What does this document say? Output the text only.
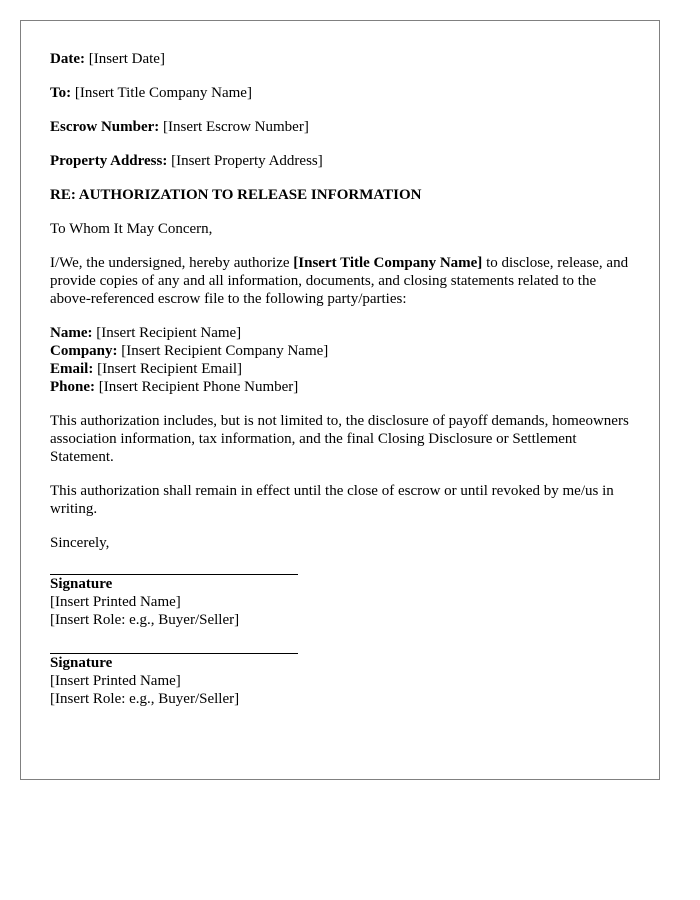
Date: [Insert Date]
To: [Insert Title Company Name]
Escrow Number: [Insert Escrow Number]
Property Address: [Insert Property Address]
RE: AUTHORIZATION TO RELEASE INFORMATION
To Whom It May Concern,
I/We, the undersigned, hereby authorize [Insert Title Company Name] to disclose, release, and provide copies of any and all information, documents, and closing statements related to the above-referenced escrow file to the following party/parties:
Name: [Insert Recipient Name]
Company: [Insert Recipient Company Name]
Email: [Insert Recipient Email]
Phone: [Insert Recipient Phone Number]
This authorization includes, but is not limited to, the disclosure of payoff demands, homeowners association information, tax information, and the final Closing Disclosure or Settlement Statement.
This authorization shall remain in effect until the close of escrow or until revoked by me/us in writing.
Sincerely,
Signature
[Insert Printed Name]
[Insert Role: e.g., Buyer/Seller]
Signature
[Insert Printed Name]
[Insert Role: e.g., Buyer/Seller]
